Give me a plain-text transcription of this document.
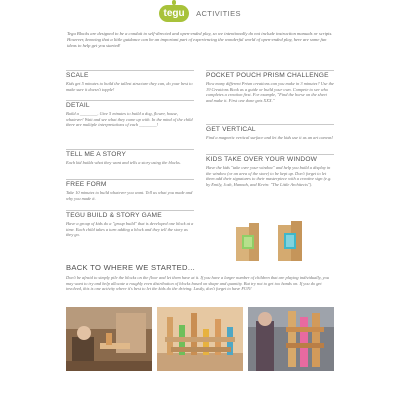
tegu ACTIVITIES
Tegu Blocks are designed to be a conduit to self-directed and open-ended play, so we intentionally do not include instruction manuals or scripts. However, knowing that a little guidance can be an important part of experiencing the wonderful world of open-ended play, here are some fun ideas to help get you started!
SCALE
Kids get 5 minutes to build the tallest structure they can, do your best to make sure it doesn't topple!
DETAIL
Build a ________. Give 5 minutes to build a dog, flower, house, whatever! Wait and see what they come up with. In the mind of the child there are multiple interpretations of each ________!
TELL ME A STORY
Each kid builds what they want and tells a story using the blocks.
FREE FORM
Take 10 minutes to build whatever you want. Tell us what you made and why you made it.
TEGU BUILD & STORY GAME
Have a group of kids do a "group build" that is developed one block at a time. Each child takes a turn adding a block and they tell the story as they go.
POCKET POUCH PRISM CHALLENGE
How many different Prism creations can you make in 3 minutes? Use the 19 Creations Book as a guide or build your own. Compete to see who completes a creation first. For example, "Find the horse on the sheet and make it. First one done gets XXX."
GET VERTICAL
Find a magnetic vertical surface and let the kids use it as an art canvas!
KIDS TAKE OVER YOUR WINDOW
Have the kids "take over your window" and help you build a display in the window (or an area of the store) to be kept up. Don't forget to let them add their signatures to their masterpiece with a creative sign (e.g. by Emily, Josh, Hannah, and Kevin: "The Little Architects").
BACK TO WHERE WE STARTED...
Don't be afraid to simply pile the blocks on the floor and let them have at it. If you have a larger number of children that are playing individually, you may want to try and help allocate a roughly even distribution of blocks based on shape and quantity. But try not to get too hands on. If you do get involved, this is one activity where it's best to let the kids do the driving. Lastly, don't forget to have FUN!
